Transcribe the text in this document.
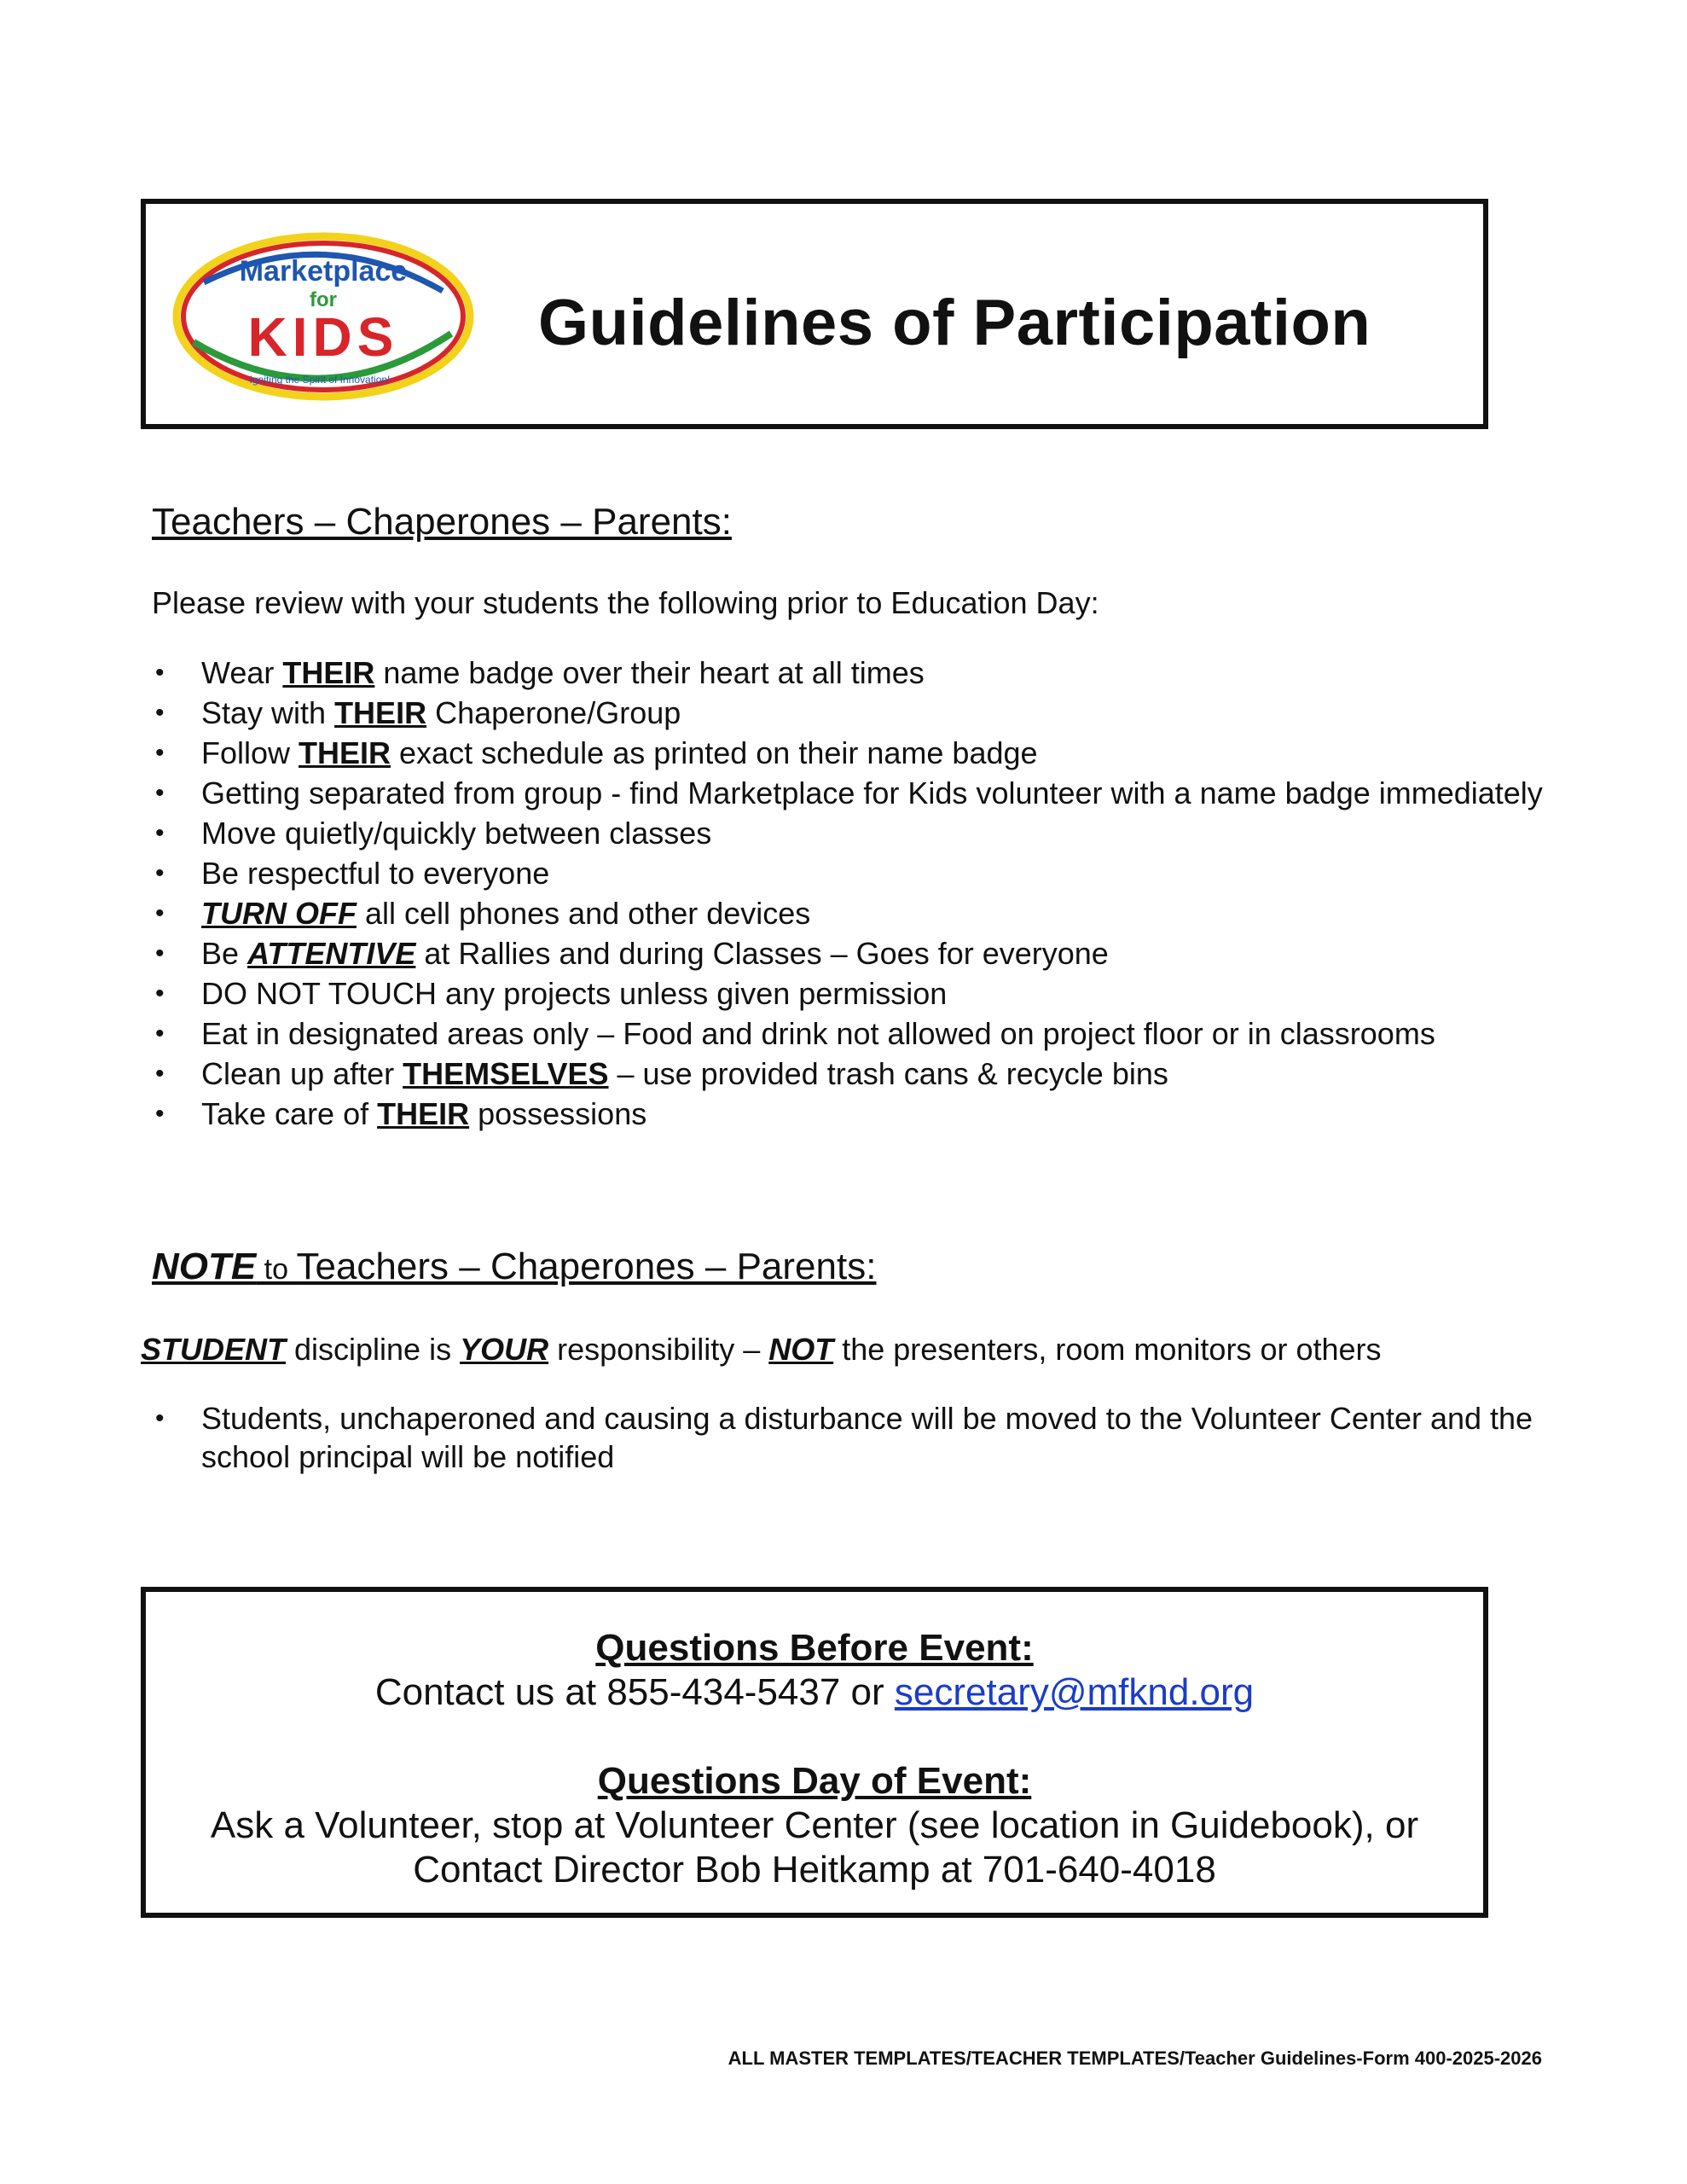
Marketplace
for
KIDS
Igniting the Spirit of Innovation!
Guidelines of Participation
Teachers – Chaperones – Parents:
Please review with your students the following prior to Education Day:
• Wear THEIR name badge over their heart at all times
• Stay with THEIR Chaperone/Group
• Follow THEIR exact schedule as printed on their name badge
• Getting separated from group - find Marketplace for Kids volunteer with a name badge immediately
• Move quietly/quickly between classes
• Be respectful to everyone
• TURN OFF all cell phones and other devices
• Be ATTENTIVE at Rallies and during Classes – Goes for everyone
• DO NOT TOUCH any projects unless given permission
• Eat in designated areas only – Food and drink not allowed on project floor or in classrooms
• Clean up after THEMSELVES – use provided trash cans & recycle bins
• Take care of THEIR possessions
NOTE to Teachers – Chaperones – Parents:
STUDENT discipline is YOUR responsibility – NOT the presenters, room monitors or others
• Students, unchaperoned and causing a disturbance will be moved to the Volunteer Center and the school principal will be notified
Questions Before Event:
Contact us at 855-434-5437 or secretary@mfknd.org
Questions Day of Event:
Ask a Volunteer, stop at Volunteer Center (see location in Guidebook), or
Contact Director Bob Heitkamp at 701-640-4018
ALL MASTER TEMPLATES/TEACHER TEMPLATES/Teacher Guidelines-Form 400-2025-2026
